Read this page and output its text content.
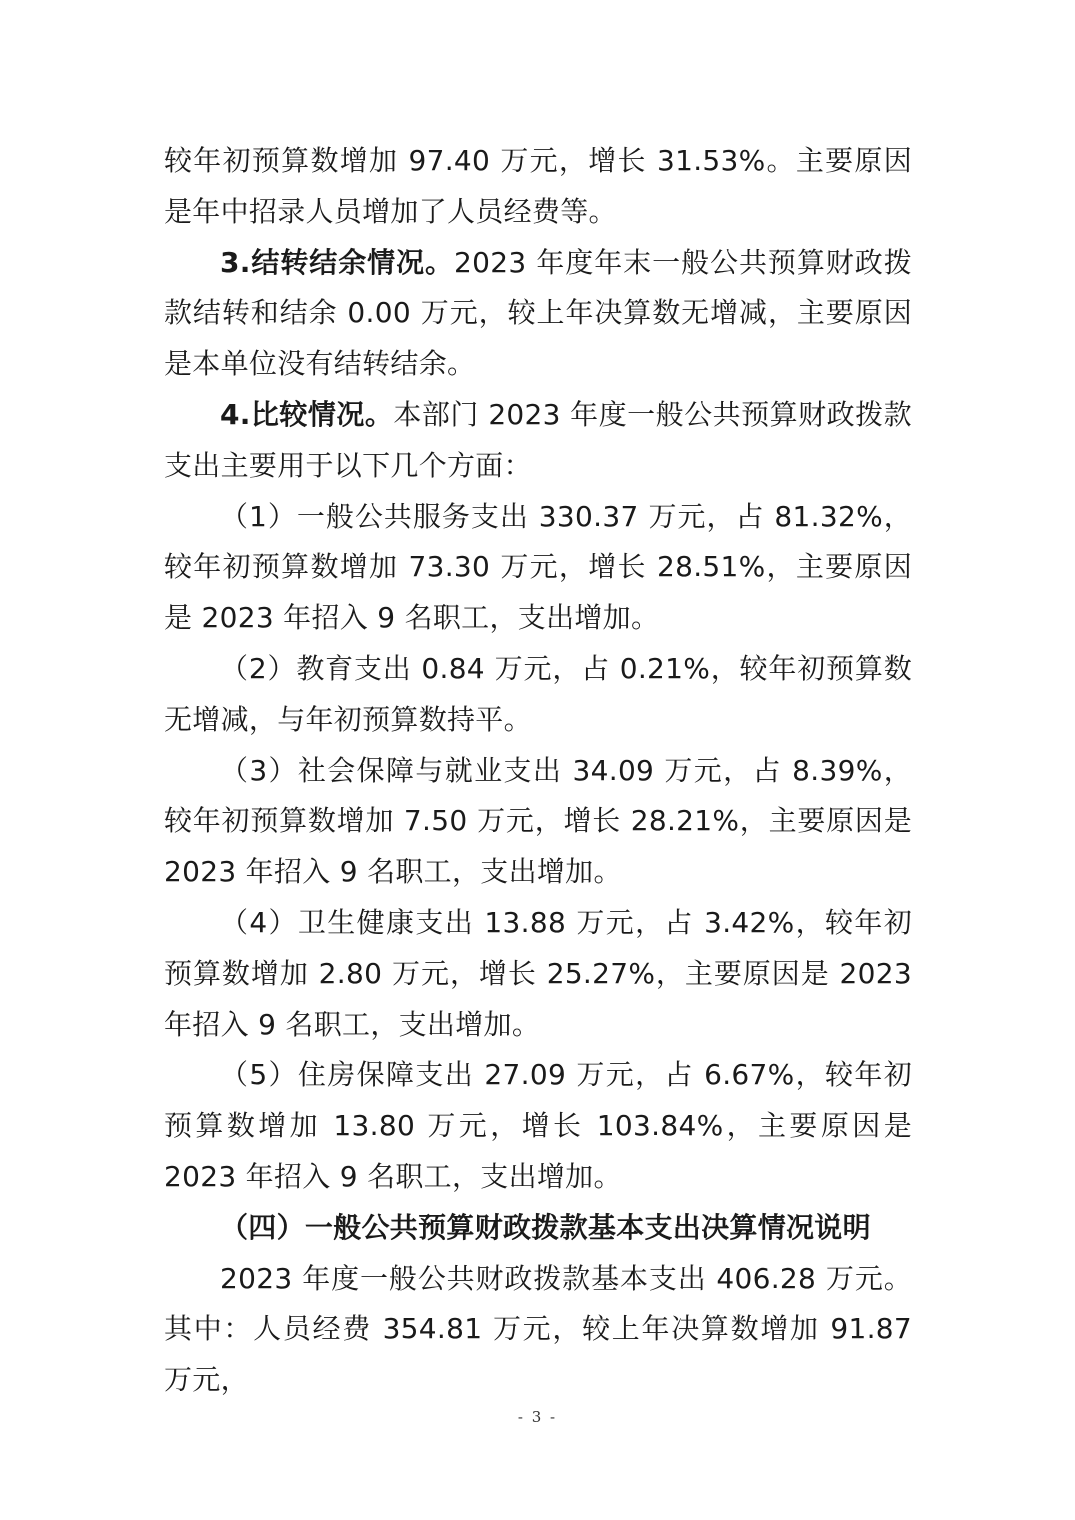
较年初预算数增加 97.40 万元，增长 31.53%。主要原因是年中招录人员增加了人员经费等。

3.结转结余情况。2023 年度年末一般公共预算财政拨款结转和结余 0.00 万元，较上年决算数无增减，主要原因是本单位没有结转结余。

4.比较情况。本部门 2023 年度一般公共预算财政拨款支出主要用于以下几个方面：

（1）一般公共服务支出 330.37 万元，占 81.32%，较年初预算数增加 73.30 万元，增长 28.51%，主要原因是 2023 年招入 9 名职工，支出增加。

（2）教育支出 0.84 万元，占 0.21%，较年初预算数无增减，与年初预算数持平。

（3）社会保障与就业支出 34.09 万元，占 8.39%，较年初预算数增加 7.50 万元，增长 28.21%，主要原因是 2023 年招入 9 名职工，支出增加。

（4）卫生健康支出 13.88 万元，占 3.42%，较年初预算数增加 2.80 万元，增长 25.27%，主要原因是 2023 年招入 9 名职工，支出增加。

（5）住房保障支出 27.09 万元，占 6.67%，较年初预算数增加 13.80 万元，增长 103.84%，主要原因是 2023 年招入 9 名职工，支出增加。

（四）一般公共预算财政拨款基本支出决算情况说明

2023 年度一般公共财政拨款基本支出 406.28 万元。其中：人员经费 354.81 万元，较上年决算数增加 91.87 万元，

- 3 -
